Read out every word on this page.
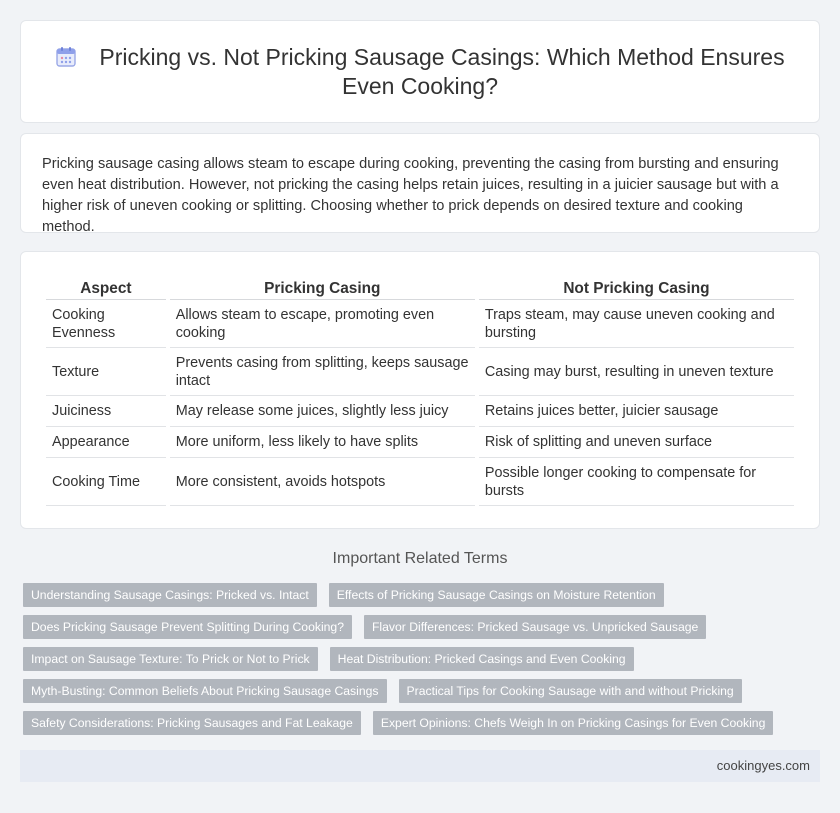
Pricking vs. Not Pricking Sausage Casings: Which Method Ensures Even Cooking?

Pricking sausage casing allows steam to escape during cooking, preventing the casing from bursting and ensuring even heat distribution. However, not pricking the casing helps retain juices, resulting in a juicier sausage but with a higher risk of uneven cooking or splitting. Choosing whether to prick depends on desired texture and cooking method.

Aspect	Pricking Casing	Not Pricking Casing
Cooking Evenness	Allows steam to escape, promoting even cooking	Traps steam, may cause uneven cooking and bursting
Texture	Prevents casing from splitting, keeps sausage intact	Casing may burst, resulting in uneven texture
Juiciness	May release some juices, slightly less juicy	Retains juices better, juicier sausage
Appearance	More uniform, less likely to have splits	Risk of splitting and uneven surface
Cooking Time	More consistent, avoids hotspots	Possible longer cooking to compensate for bursts
Important Related Terms
Understanding Sausage Casings: Pricked vs. Intact Effects of Pricking Sausage Casings on Moisture Retention
Does Pricking Sausage Prevent Splitting During Cooking? Flavor Differences: Pricked Sausage vs. Unpricked Sausage
Impact on Sausage Texture: To Prick or Not to Prick Heat Distribution: Pricked Casings and Even Cooking
Myth-Busting: Common Beliefs About Pricking Sausage Casings Practical Tips for Cooking Sausage with and without Pricking
Safety Considerations: Pricking Sausages and Fat Leakage Expert Opinions: Chefs Weigh In on Pricking Casings for Even Cooking
cookingyes.com
